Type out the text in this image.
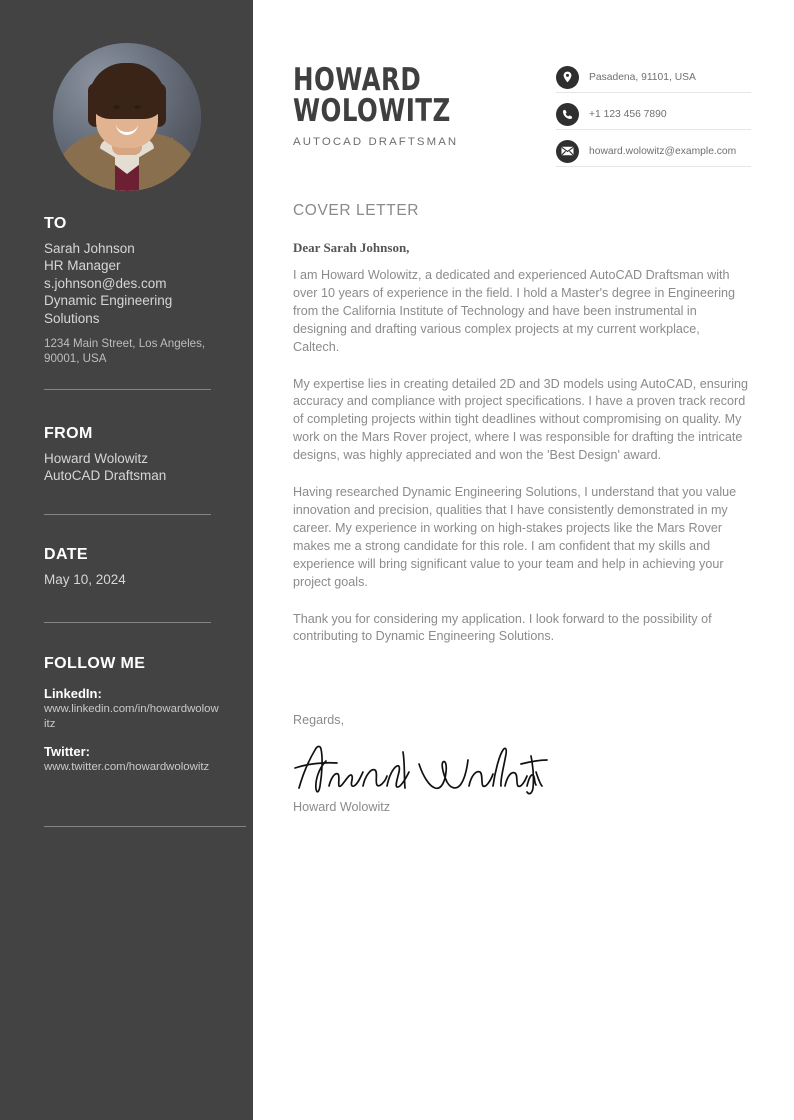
TO

Sarah Johnson

HR Manager

s.johnson@des.com

Dynamic Engineering

Solutions

1234 Main Street, Los Angeles, 90001, USA

FROM

Howard Wolowitz

AutoCAD Draftsman

DATE

May 10, 2024

FOLLOW ME

LinkedIn:

www.linkedin.com/in/howardwolowitz

Twitter:

www.twitter.com/howardwolowitz

HOWARD
WOLOWITZ

AUTOCAD DRAFTSMAN

Pasadena, 91101, USA
+1 123 456 7890
howard.wolowitz@example.com
COVER LETTER

Dear Sarah Johnson,

I am Howard Wolowitz, a dedicated and experienced AutoCAD Draftsman with over 10 years of experience in the field. I hold a Master's degree in Engineering from the California Institute of Technology and have been instrumental in designing and drafting various complex projects at my current workplace, Caltech.

My expertise lies in creating detailed 2D and 3D models using AutoCAD, ensuring accuracy and compliance with project specifications. I have a proven track record of completing projects within tight deadlines without compromising on quality. My work on the Mars Rover project, where I was responsible for drafting the intricate designs, was highly appreciated and won the 'Best Design' award.

Having researched Dynamic Engineering Solutions, I understand that you value innovation and precision, qualities that I have consistently demonstrated in my career. My experience in working on high-stakes projects like the Mars Rover makes me a strong candidate for this role. I am confident that my skills and experience will bring significant value to your team and help in achieving your project goals.

Thank you for considering my application. I look forward to the possibility of contributing to Dynamic Engineering Solutions.

Regards,

Howard Wolowitz
